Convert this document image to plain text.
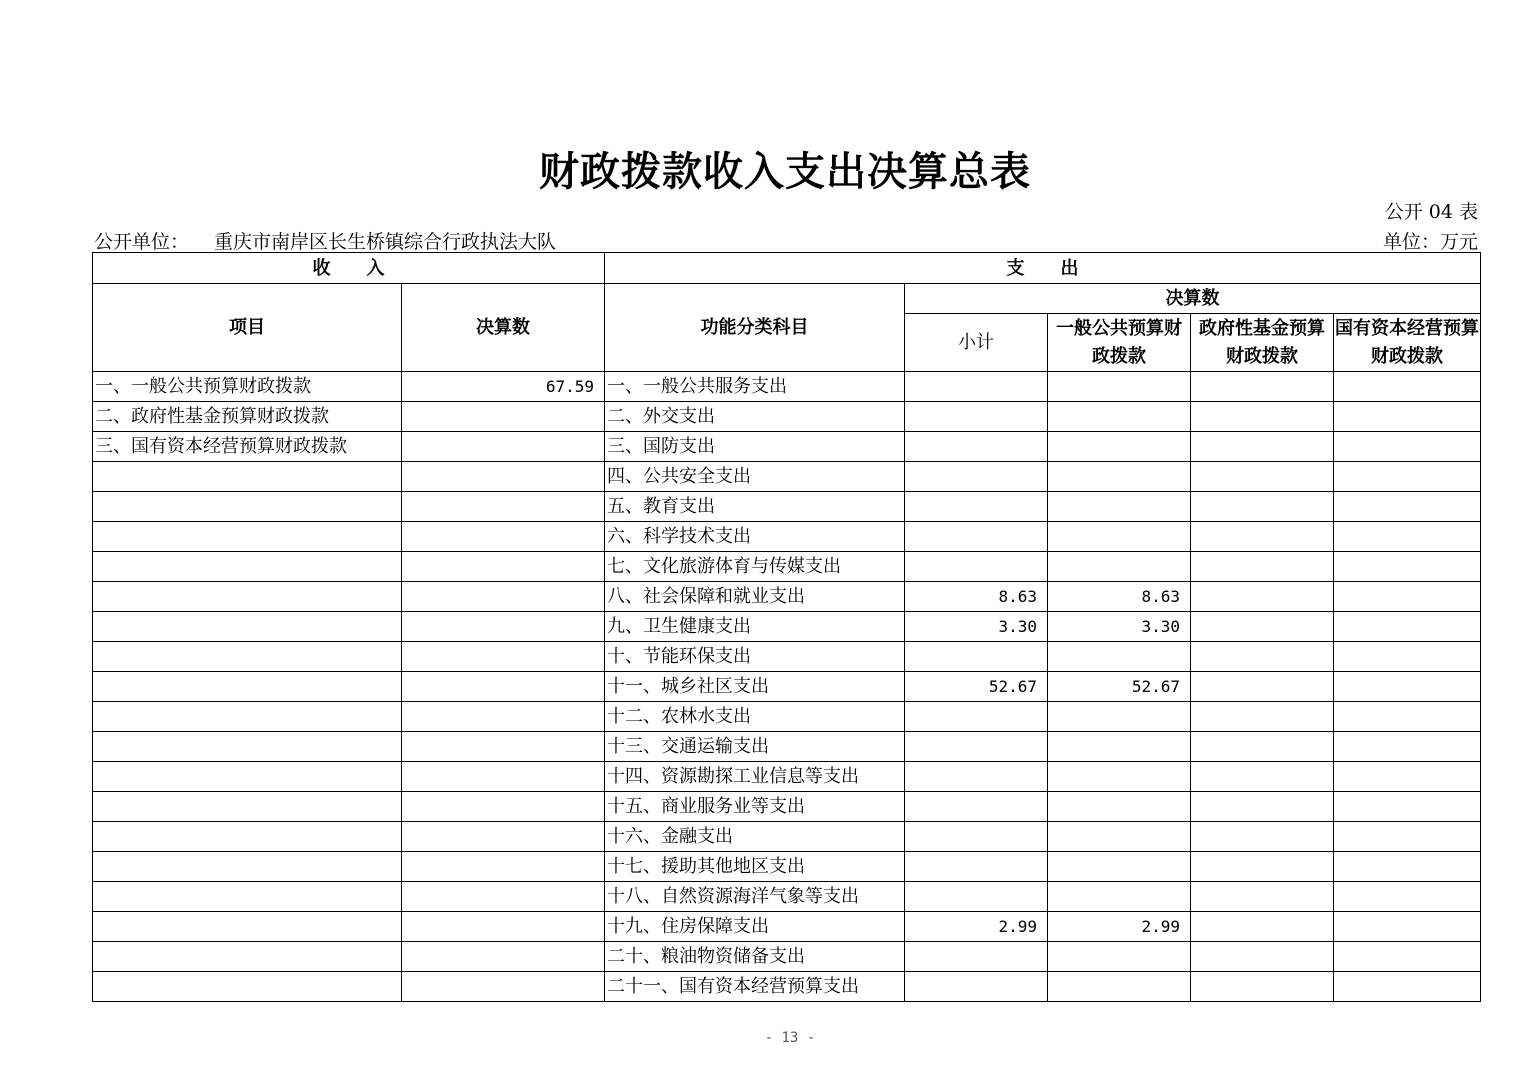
财政拨款收入支出决算总表
公开 04 表
公开单位： 重庆市南岸区长生桥镇综合行政执法大队	单位：万元
收　　入		支　　出				
项目	决算数	功能分类科目	决算数			
			小计	一般公共预算财政拨款	政府性基金预算财政拨款	国有资本经营预算财政拨款
一、一般公共预算财政拨款	67.59	一、一般公共服务支出				
二、政府性基金预算财政拨款		二、外交支出				
三、国有资本经营预算财政拨款		三、国防支出				
		四、公共安全支出				
		五、教育支出				
		六、科学技术支出				
		七、文化旅游体育与传媒支出				
		八、社会保障和就业支出	8.63	8.63		
		九、卫生健康支出	3.30	3.30		
		十、节能环保支出				
		十一、城乡社区支出	52.67	52.67		
		十二、农林水支出				
		十三、交通运输支出				
		十四、资源勘探工业信息等支出				
		十五、商业服务业等支出				
		十六、金融支出				
		十七、援助其他地区支出				
		十八、自然资源海洋气象等支出				
		十九、住房保障支出	2.99	2.99		
		二十、粮油物资储备支出				
		二十一、国有资本经营预算支出				
- 13 -
